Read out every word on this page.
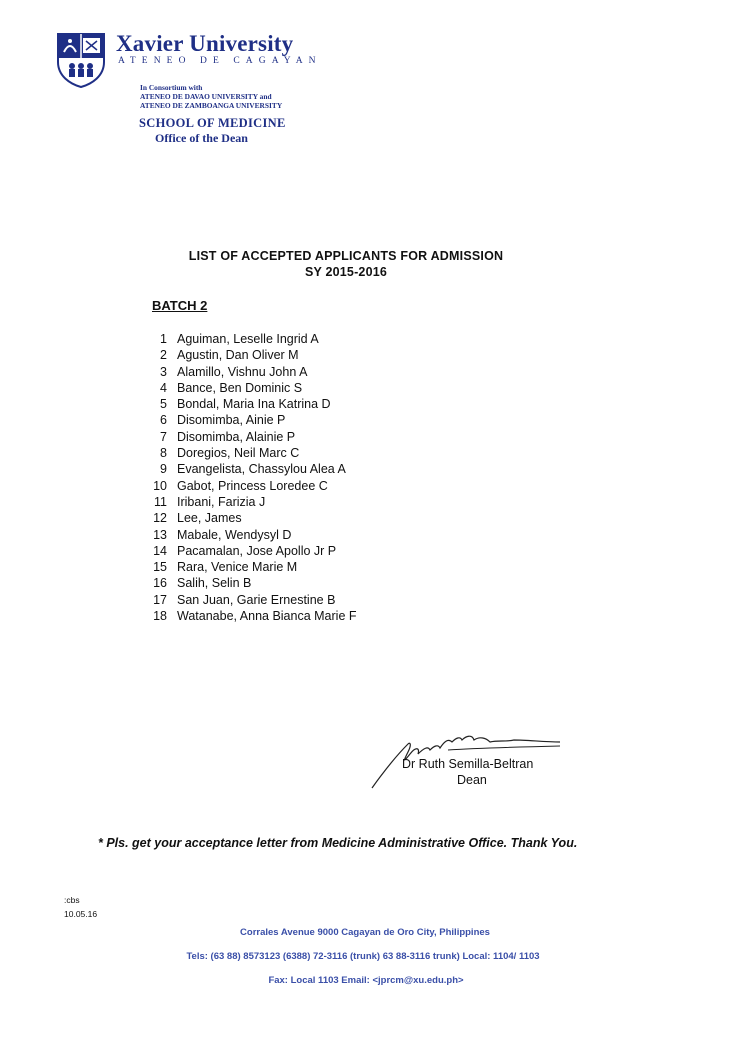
Xavier University
ATENEO DE CAGAYAN
In Consortium with
ATENEO DE DAVAO UNIVERSITY and
ATENEO DE ZAMBOANGA UNIVERSITY
SCHOOL OF MEDICINE
Office of the Dean
LIST OF ACCEPTED APPLICANTS FOR ADMISSION
SY 2015-2016
BATCH 2
1 Aguiman, Leselle Ingrid A
2 Agustin, Dan Oliver M
3 Alamillo, Vishnu John A
4 Bance, Ben Dominic S
5 Bondal, Maria Ina Katrina D
6 Disomimba, Ainie P
7 Disomimba, Alainie P
8 Doregios, Neil Marc C
9 Evangelista, Chassylou Alea A
10 Gabot, Princess Loredee C
11 Iribani, Farizia J
12 Lee, James
13 Mabale, Wendysyl D
14 Pacamalan, Jose Apollo Jr P
15 Rara, Venice Marie M
16 Salih, Selin B
17 San Juan, Garie Ernestine B
18 Watanabe, Anna Bianca Marie F
Dr Ruth Semilla-Beltran
Dean
* Pls. get your acceptance letter from Medicine Administrative Office. Thank You.
:cbs
10.05.16
Corrales Avenue 9000 Cagayan de Oro City, Philippines
Tels: (63 88) 8573123 (6388) 72-3116 (trunk) 63 88-3116 trunk) Local: 1104/ 1103
Fax: Local 1103 Email: <jprcm@xu.edu.ph>
